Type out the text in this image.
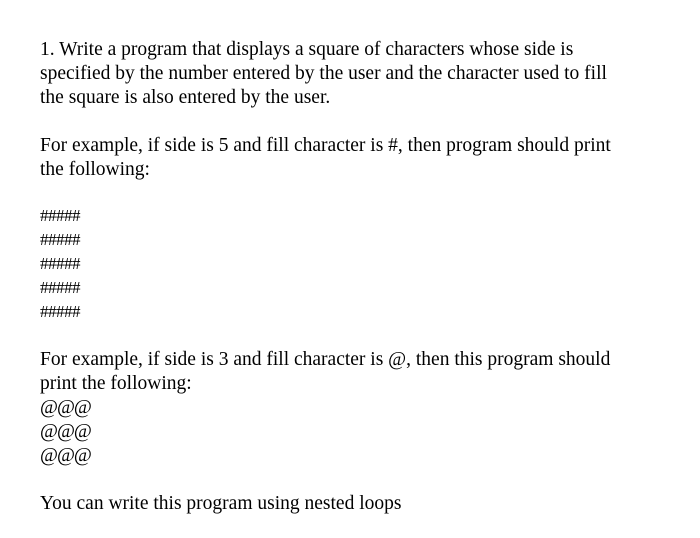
1. Write a program that displays a square of characters whose side is
specified by the number entered by the user and the character used to fill
the square is also entered by the user.

For example, if side is 5 and fill character is #, then program should print
the following:

#####
#####
#####
#####
#####

For example, if side is 3 and fill character is @, then this program should
print the following:

@@@
@@@
@@@

You can write this program using nested loops
